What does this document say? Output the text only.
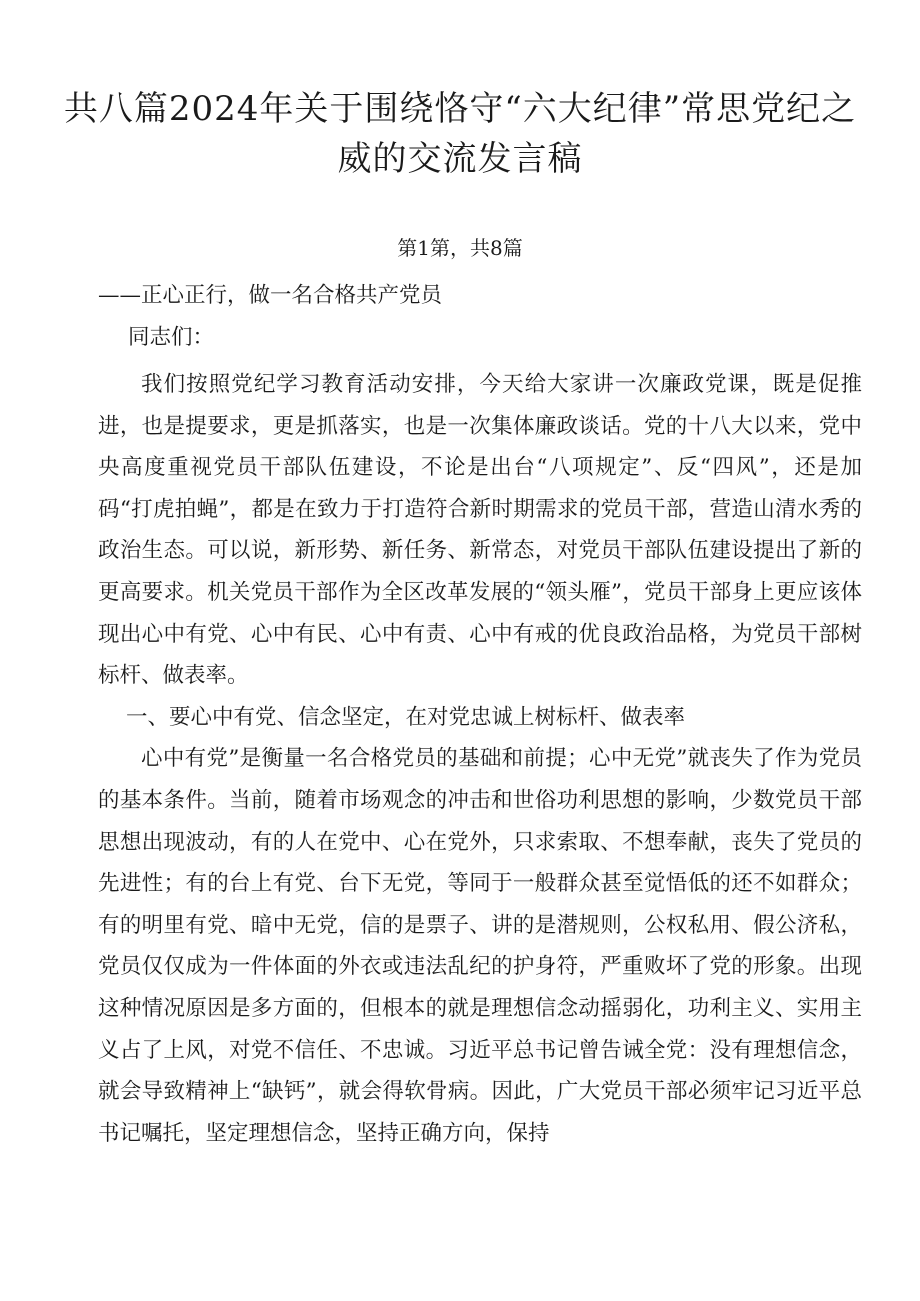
共八篇2024年关于围绕恪守“六大纪律”常思党纪之威的交流发言稿
第1第，共8篇
——正心正行，做一名合格共产党员
同志们：

我们按照党纪学习教育活动安排，今天给大家讲一次廉政党课，既是促推进，也是提要求，更是抓落实，也是一次集体廉政谈话。党的十八大以来，党中央高度重视党员干部队伍建设，不论是出台“八项规定”、反“四风”，还是加码“打虎拍蝇”，都是在致力于打造符合新时期需求的党员干部，营造山清水秀的政治生态。可以说，新形势、新任务、新常态，对党员干部队伍建设提出了新的更高要求。机关党员干部作为全区改革发展的“领头雁”，党员干部身上更应该体现出心中有党、心中有民、心中有责、心中有戒的优良政治品格，为党员干部树标杆、做表率。

一、要心中有党、信念坚定，在对党忠诚上树标杆、做表率

心中有党”是衡量一名合格党员的基础和前提；心中无党”就丧失了作为党员的基本条件。当前，随着市场观念的冲击和世俗功利思想的影响，少数党员干部思想出现波动，有的人在党中、心在党外，只求索取、不想奉献，丧失了党员的先进性；有的台上有党、台下无党，等同于一般群众甚至觉悟低的还不如群众；有的明里有党、暗中无党，信的是票子、讲的是潜规则，公权私用、假公济私，党员仅仅成为一件体面的外衣或违法乱纪的护身符，严重败坏了党的形象。出现这种情况原因是多方面的，但根本的就是理想信念动摇弱化，功利主义、实用主义占了上风，对党不信任、不忠诚。习近平总书记曾告诫全党：没有理想信念，就会导致精神上“缺钙”，就会得软骨病。因此，广大党员干部必须牢记习近平总书记嘱托，坚定理想信念，坚持正确方向，保持
